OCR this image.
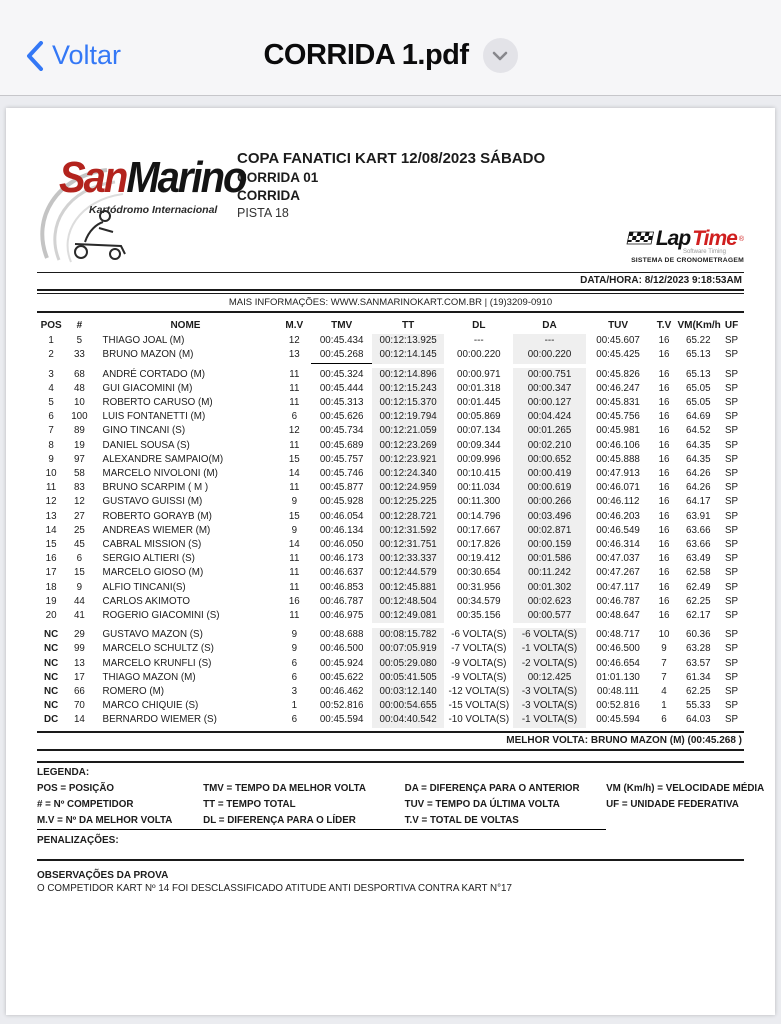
Voltar	CORRIDA 1.pdf
SanMarino
Kartódromo Internacional
COPA FANATICI KART 12/08/2023 SÁBADO
CORRIDA 01
CORRIDA
PISTA 18
Lap Time ®
Software Timing
SISTEMA DE CRONOMETRAGEM
DATA/HORA: 8/12/2023 9:18:53AM
MAIS INFORMAÇÕES: WWW.SANMARINOKART.COM.BR | (19)3209-0910
POS	#	NOME	M.V	TMV	TT	DL	DA	TUV	T.V VM(Km/h UF
1	5	THIAGO JOAL (M)	12	00:45.434	00:12:13.925	---	---	00:45.607	16	65.22	SP
2	33	BRUNO MAZON (M)	13	00:45.268	00:12:14.145	00:00.220	00:00.220	00:45.425	16	65.13	SP
3	68	ANDRÉ CORTADO (M)	11	00:45.324	00:12:14.896	00:00.971	00:00.751	00:45.826	16	65.13	SP
4	48	GUI GIACOMINI (M)	11	00:45.444	00:12:15.243	00:01.318	00:00.347	00:46.247	16	65.05	SP
5	10	ROBERTO CARUSO (M)	11	00:45.313	00:12:15.370	00:01.445	00:00.127	00:45.831	16	65.05	SP
6	100	LUIS FONTANETTI (M)	6	00:45.626	00:12:19.794	00:05.869	00:04.424	00:45.756	16	64.69	SP
7	89	GINO TINCANI (S)	12	00:45.734	00:12:21.059	00:07.134	00:01.265	00:45.981	16	64.52	SP
8	19	DANIEL SOUSA (S)	11	00:45.689	00:12:23.269	00:09.344	00:02.210	00:46.106	16	64.35	SP
9	97	ALEXANDRE SAMPAIO(M)	15	00:45.757	00:12:23.921	00:09.996	00:00.652	00:45.888	16	64.35	SP
10	58	MARCELO NIVOLONI (M)	14	00:45.746	00:12:24.340	00:10.415	00:00.419	00:47.913	16	64.26	SP
11	83	BRUNO SCARPIM ( M )	11	00:45.877	00:12:24.959	00:11.034	00:00.619	00:46.071	16	64.26	SP
12	12	GUSTAVO GUISSI (M)	9	00:45.928	00:12:25.225	00:11.300	00:00.266	00:46.112	16	64.17	SP
13	27	ROBERTO GORAYB (M)	15	00:46.054	00:12:28.721	00:14.796	00:03.496	00:46.203	16	63.91	SP
14	25	ANDREAS WIEMER (M)	9	00:46.134	00:12:31.592	00:17.667	00:02.871	00:46.549	16	63.66	SP
15	45	CABRAL MISSION (S)	14	00:46.050	00:12:31.751	00:17.826	00:00.159	00:46.314	16	63.66	SP
16	6	SERGIO ALTIERI (S)	11	00:46.173	00:12:33.337	00:19.412	00:01.586	00:47.037	16	63.49	SP
17	15	MARCELO GIOSO (M)	11	00:46.637	00:12:44.579	00:30.654	00:11.242	00:47.267	16	62.58	SP
18	9	ALFIO TINCANI(S)	11	00:46.853	00:12:45.881	00:31.956	00:01.302	00:47.117	16	62.49	SP
19	44	CARLOS AKIMOTO	16	00:46.787	00:12:48.504	00:34.579	00:02.623	00:46.787	16	62.25	SP
20	41	ROGERIO GIACOMINI (S)	11	00:46.975	00:12:49.081	00:35.156	00:00.577	00:48.647	16	62.17	SP
NC	29	GUSTAVO MAZON (S)	9	00:48.688	00:08:15.782	-6 VOLTA(S)	-6 VOLTA(S)	00:48.717	10	60.36	SP
NC	99	MARCELO SCHULTZ (S)	9	00:46.500	00:07:05.919	-7 VOLTA(S)	-1 VOLTA(S)	00:46.500	9	63.28	SP
NC	13	MARCELO KRUNFLI (S)	6	00:45.924	00:05:29.080	-9 VOLTA(S)	-2 VOLTA(S)	00:46.654	7	63.57	SP
NC	17	THIAGO MAZON (M)	6	00:45.622	00:05:41.505	-9 VOLTA(S)	00:12.425	01:01.130	7	61.34	SP
NC	66	ROMERO (M)	3	00:46.462	00:03:12.140	-12 VOLTA(S)	-3 VOLTA(S)	00:48.111	4	62.25	SP
NC	70	MARCO CHIQUIE (S)	1	00:52.816	00:00:54.655	-15 VOLTA(S)	-3 VOLTA(S)	00:52.816	1	55.33	SP
DC	14	BERNARDO WIEMER (S)	6	00:45.594	00:04:40.542	-10 VOLTA(S)	-1 VOLTA(S)	00:45.594	6	64.03	SP
MELHOR VOLTA: BRUNO MAZON (M) (00:45.268 )
LEGENDA:
POS = POSIÇÃO	TMV = TEMPO DA MELHOR VOLTA	DA = DIFERENÇA PARA O ANTERIOR	VM (Km/h) = VELOCIDADE MÉDIA
# = Nº COMPETIDOR	TT = TEMPO TOTAL	TUV = TEMPO DA ÚLTIMA VOLTA	UF = UNIDADE FEDERATIVA
M.V = Nº DA MELHOR VOLTA	DL = DIFERENÇA PARA O LÍDER	T.V = TOTAL DE VOLTAS
PENALIZAÇÕES:
OBSERVAÇÕES DA PROVA
O COMPETIDOR KART Nº 14 FOI DESCLASSIFICADO ATITUDE ANTI DESPORTIVA CONTRA KART N°17
